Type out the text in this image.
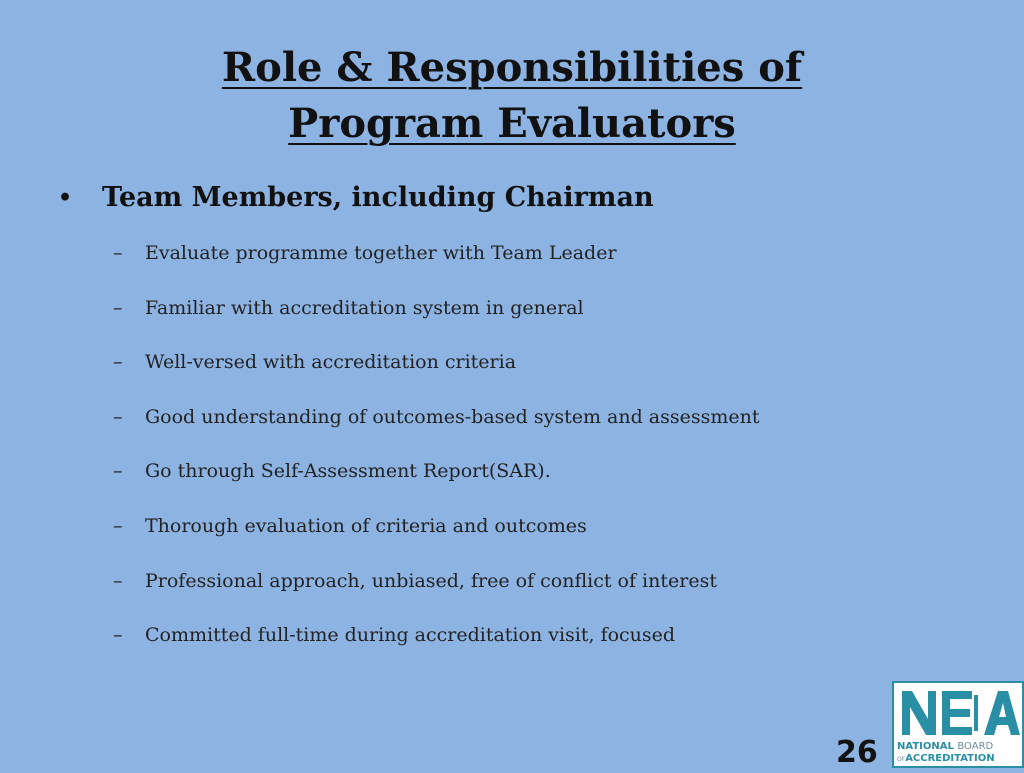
Role & Responsibilities of
Program Evaluators
•	Team Members, including Chairman
–	Evaluate programme together with Team Leader
–	Familiar with accreditation system in general
–	Well-versed with accreditation criteria
–	Good understanding of outcomes-based system and assessment
–	Go through Self-Assessment Report(SAR).
–	Thorough evaluation of criteria and outcomes
–	Professional approach, unbiased, free of conflict of interest
–	Committed full-time during accreditation visit, focused
26 NATIONAL BOARD
OFACCREDITATION
